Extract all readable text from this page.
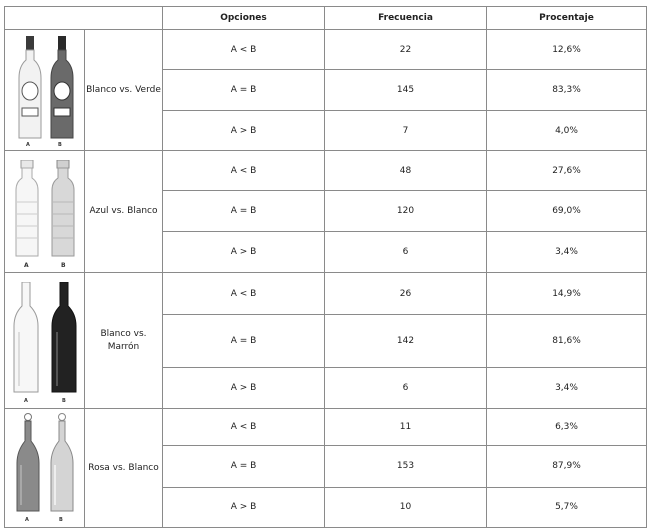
		Opciones	Frecuencia	Procentaje

A B	Blanco vs. Verde	A < B	22	12,6%
		A = B	145	83,3%
		A > B	7	4,0%

A B	Azul vs. Blanco	A < B	48	27,6%
		A = B	120	69,0%
		A > B	6	3,4%

A B	Blanco vs. Marrón	A < B	26	14,9%
		A = B	142	81,6%
		A > B	6	3,4%

A B	Rosa vs. Blanco	A < B	11	6,3%
		A = B	153	87,9%
		A > B	10	5,7%
